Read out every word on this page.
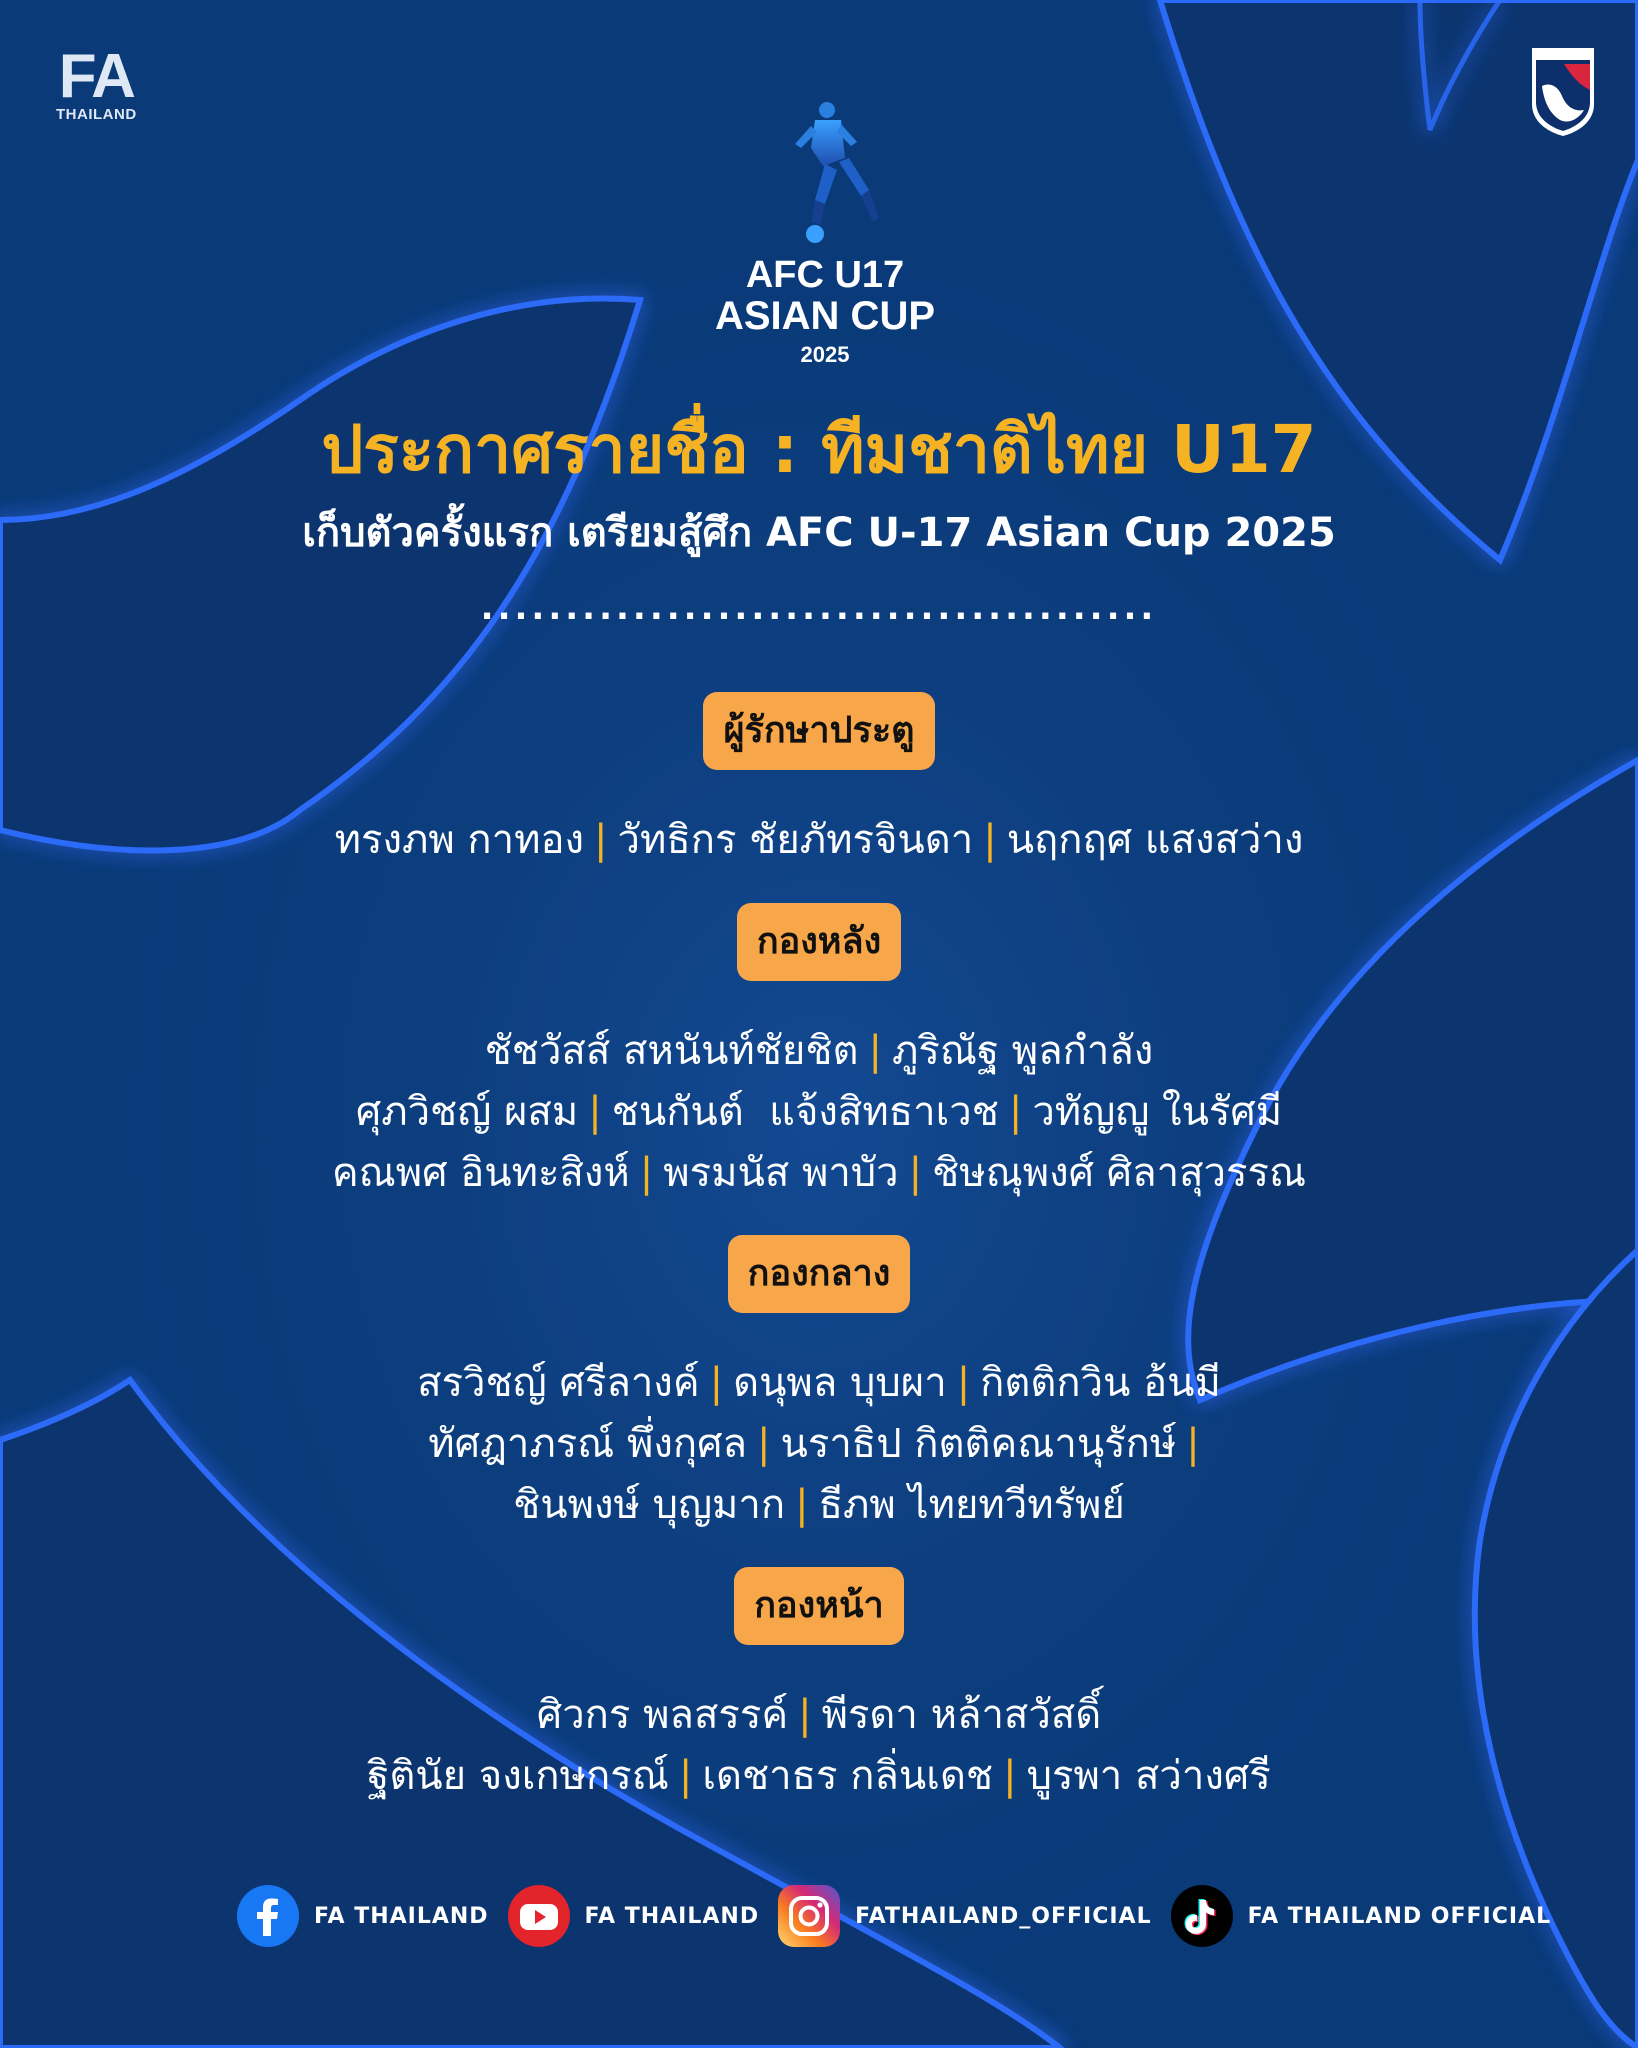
FA
THAILAND
THAILAND
AFC U17
ASIAN CUP
2025
ประกาศรายชื่อ : ทีมชาติไทย U17
เก็บตัวครั้งแรก เตรียมสู้ศึก AFC U-17 Asian Cup 2025
........................................
ผู้รักษาประตู
ทรงภพ กาทอง | วัทธิกร ชัยภัทรจินดา | นฤกฤศ แสงสว่าง
กองหลัง
ชัชวัสส์ สหนันท์ชัยชิต | ภูริณัฐ พูลกำลัง
ศุภวิชญ์ ผสม | ชนกันต์  แจ้งสิทธาเวช | วทัญญู ในรัศมี
คณพศ อินทะสิงห์ | พรมนัส พาบัว | ชิษณุพงศ์ ศิลาสุวรรณ
กองกลาง
สรวิชญ์ ศรีลางค์ | ดนุพล บุบผา | กิตติกวิน อ้นมี
ทัศฎาภรณ์ พึ่งกุศล | นราธิป กิตติคณานุรักษ์ |
ชินพงษ์ บุญมาก | ธีภพ ไทยทวีทรัพย์
กองหน้า
ศิวกร พลสรรค์ | พีรดา หล้าสวัสดิ์
ฐิตินัย จงเกษกรณ์ | เดชาธร กลิ่นเดช | บูรพา สว่างศรี
FA THAILAND	FA THAILAND	FATHAILAND_OFFICIAL	FA THAILAND OFFICIAL
